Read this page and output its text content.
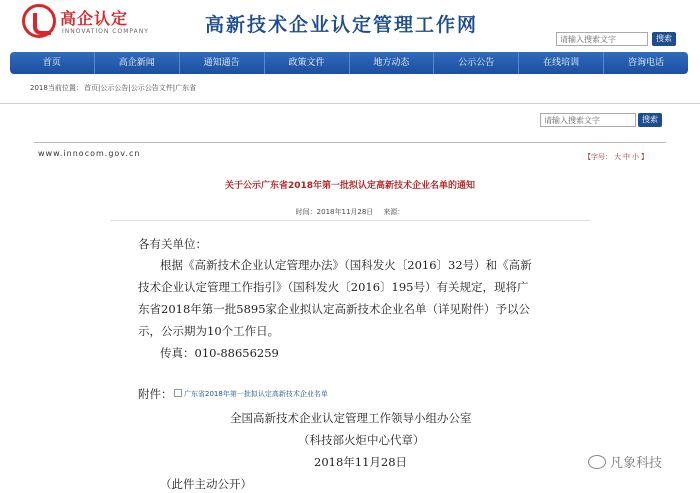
高企认定
INNOVATION COMPANY	高新技术企业认定管理工作网
请输入搜索文字	搜索
首页	高企新闻	通知通告	政策文件	地方动态	公示公告	在线培训	咨询电话
2018当前位置： 首页|公示公告|公示公告文件|广东省
请输入搜索文字	搜索
www.innocom.gov.cn	【字号： 大 中 小 】
关于公示广东省2018年第一批拟认定高新技术企业名单的通知
时间：2018年11月28日 来源：
各有关单位：
根据《高新技术企业认定管理办法》（国科发火〔2016〕32号）和《高新
技术企业认定管理工作指引》（国科发火〔2016〕195号）有关规定，现将广
东省2018年第一批5895家企业拟认定高新技术企业名单（详见附件）予以公
示，公示期为10个工作日。
传真：010-88656259
附件：	广东省2018年第一批拟认定高新技术企业名单
全国高新技术企业认定管理工作领导小组办公室
（科技部火炬中心代章）
2018年11月28日
（此件主动公开）
凡象科技
